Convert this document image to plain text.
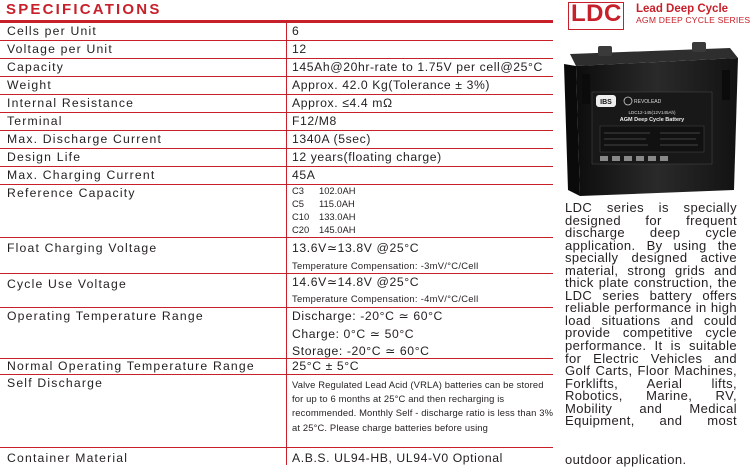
SPECIFICATIONS
Cells per Unit	6
Voltage per Unit	12
Capacity	145Ah@20hr-rate to 1.75V per cell@25°C
Weight	Approx. 42.0 Kg(Tolerance ± 3%)
Internal Resistance	Approx. ≤4.4 mΩ
Terminal	F12/M8
Max. Discharge Current	1340A (5sec)
Design Life	12 years(floating charge)
Max. Charging Current	45A
Reference Capacity	C3 102.0AH
C5 115.0AH
C10 133.0AH
C20 145.0AH
Float Charging Voltage	13.6V≃13.8V @25°C
Temperature Compensation: -3mV/°C/Cell
Cycle Use Voltage	14.6V≃14.8V @25°C
Temperature Compensation: -4mV/°C/Cell
Operating Temperature Range	Discharge: -20°C ≃ 60°C
Charge: 0°C ≃ 50°C
Storage: -20°C ≃ 60°C
Normal Operating Temperature Range	25°C ± 5°C
Self Discharge	Valve Regulated Lead Acid (VRLA) batteries can be stored for up to 6 months at 25°C and then recharging is recommended. Monthly Self - discharge ratio is less than 3% at 25°C. Please charge batteries before using
Container Material	A.B.S. UL94-HB, UL94-V0 Optional
LDC Lead Deep Cycle
AGM DEEP CYCLE SERIES
IBS	REVOLEAD
LDC12-145(12V145Ah)
AGM Deep Cycle Battery
LDC series is specially designed for frequent discharge deep cycle application. By using the specially designed active material, strong grids and thick plate construction, the LDC series battery offers reliable performance in high load situations and could provide competitive cycle performance. It is suitable for Electric Vehicles and Golf Carts, Floor Machines, Forklifts, Aerial lifts, Robotics, Marine, RV, Mobility and Medical Equipment, and most
outdoor application.
